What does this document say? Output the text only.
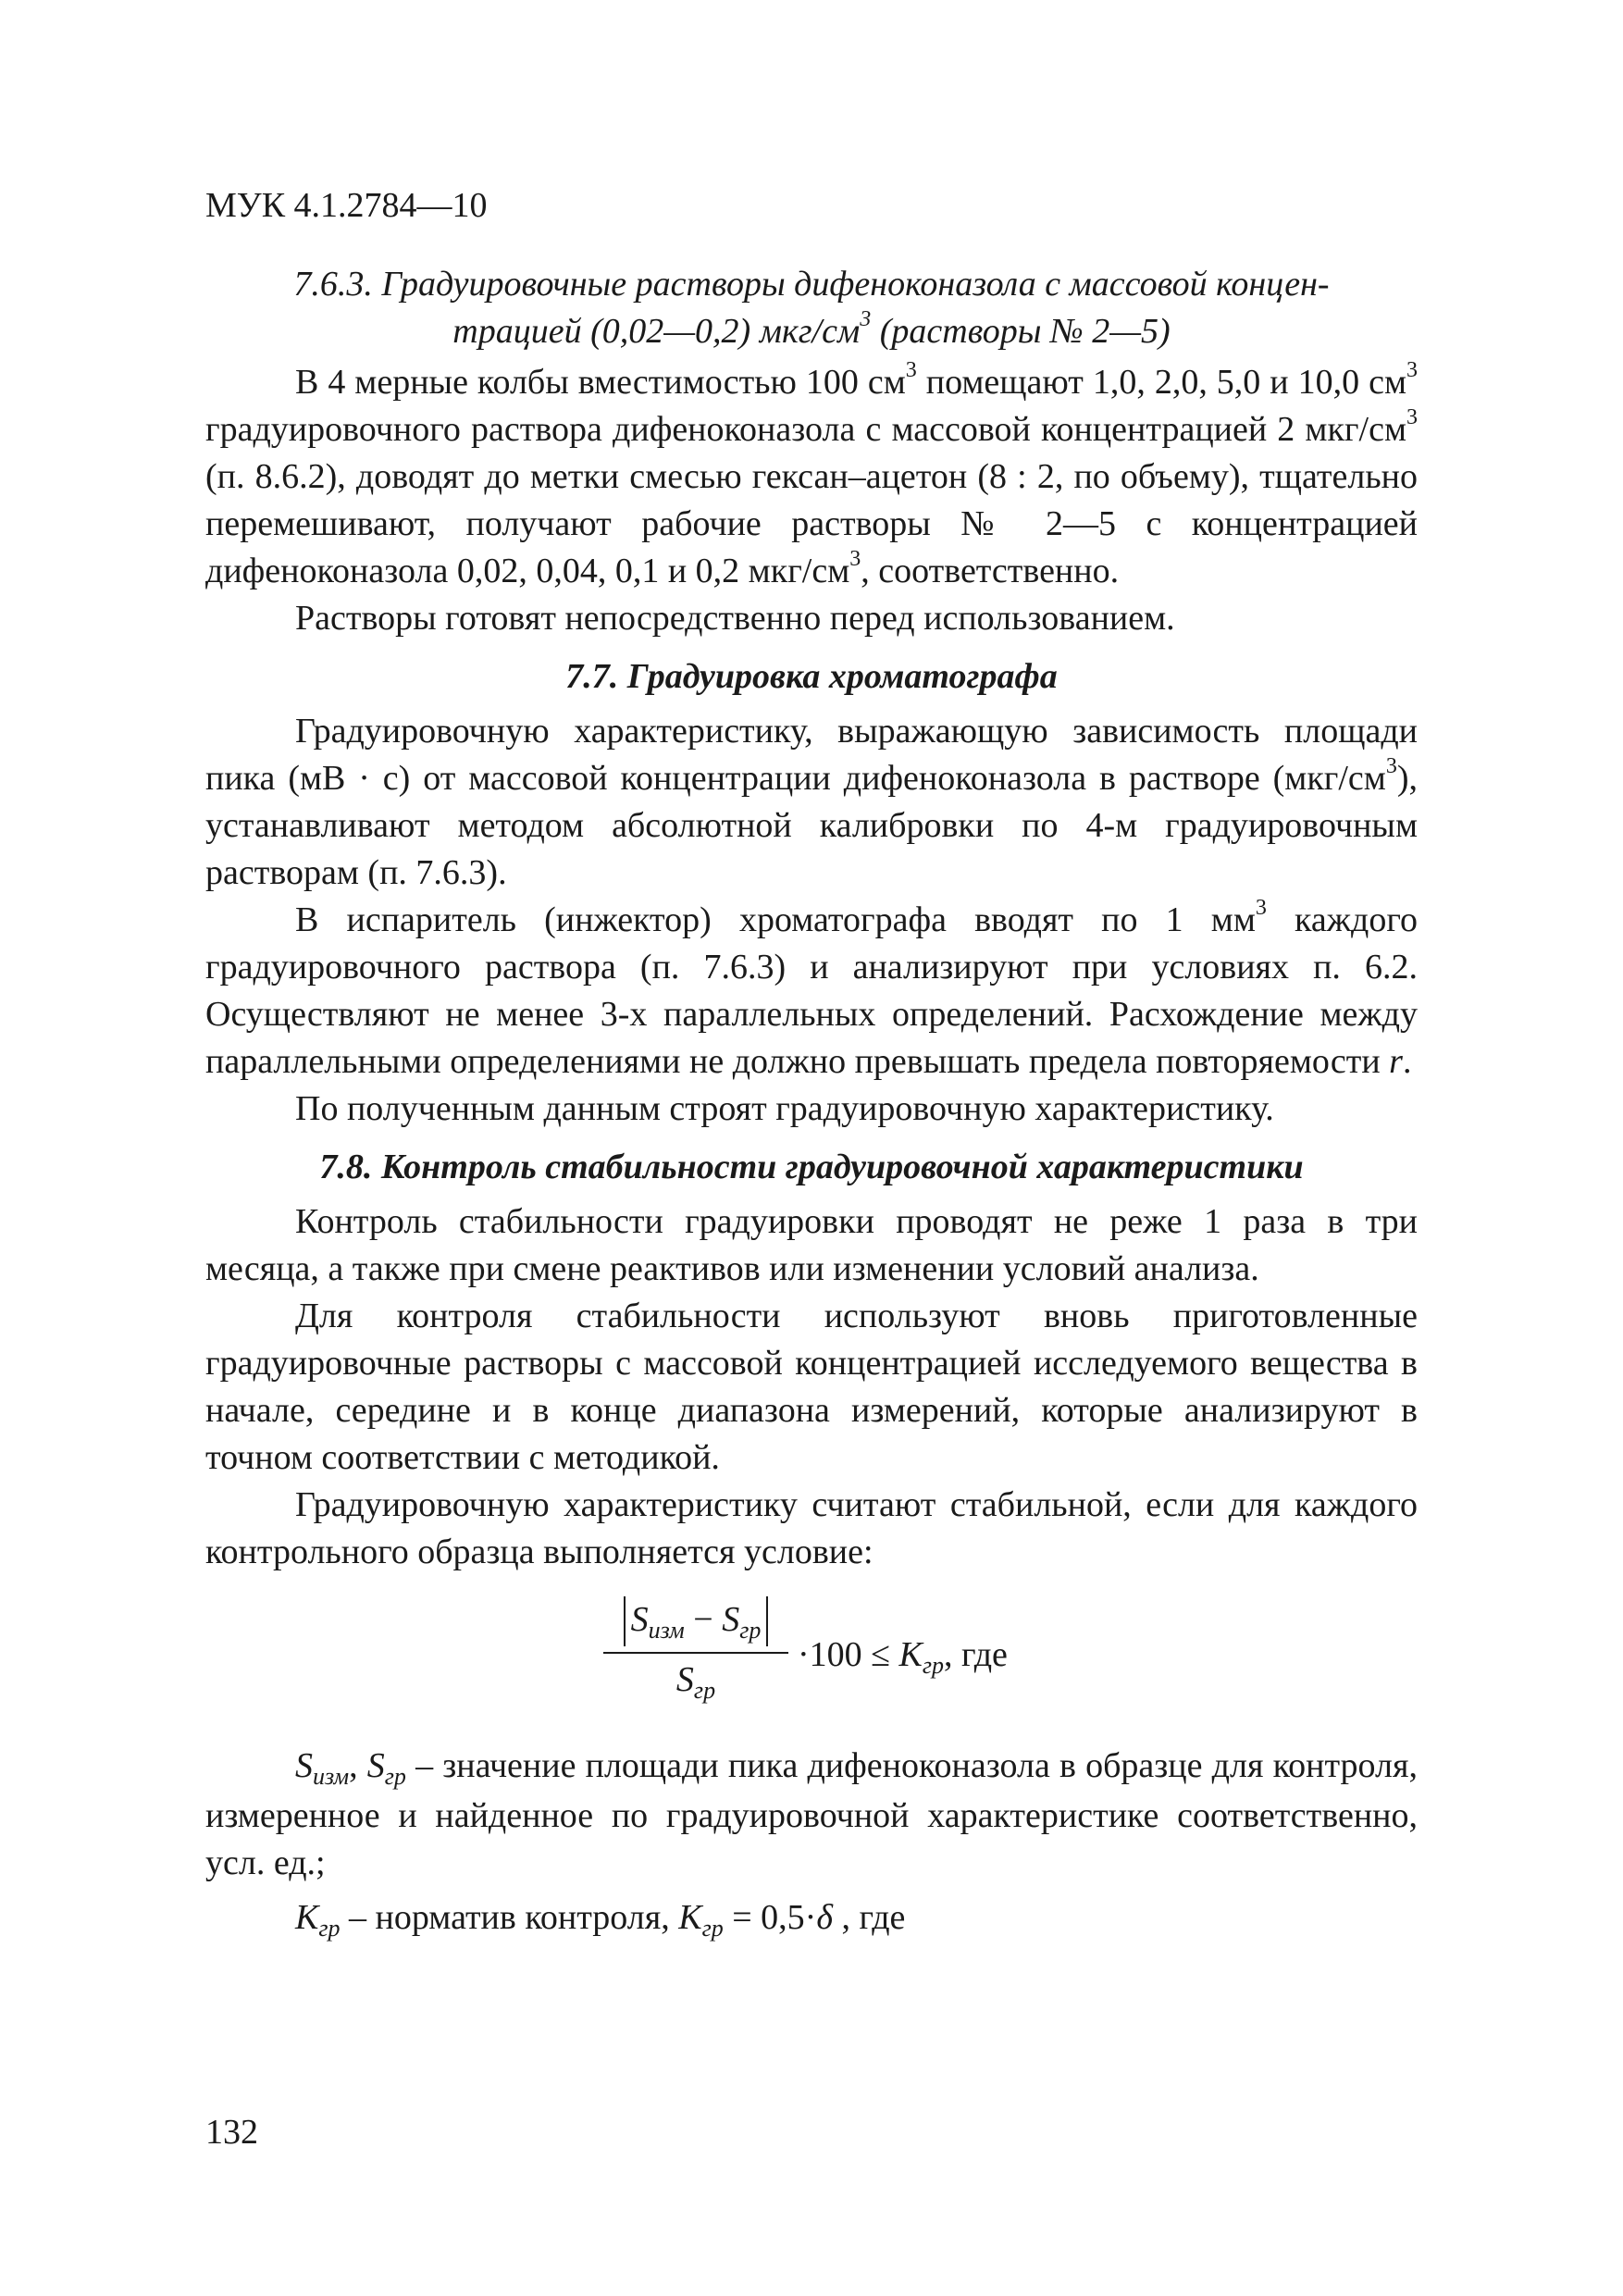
МУК 4.1.2784—10
7.6.3. Градуировочные растворы дифеноконазола с массовой концен-
трацией (0,02—0,2) мкг/$см^3$ (растворы № 2—5)

В 4 мерные колбы вместимостью 100 $см^3$ помещают 1,0, 2,0, 5,0 и 10,0 $см^3$ градуировочного раствора дифеноконазола с массовой концентрацией 2 мкг/$см^3$ (п. 8.6.2), доводят до метки смесью гексан–ацетон (8 : 2, по объему), тщательно перемешивают, получают рабочие растворы № 2—5 с концентрацией дифеноконазола 0,02, 0,04, 0,1 и 0,2 мкг/$см^3$, соответственно.

Растворы готовят непосредственно перед использованием.

7.7. Градуировка хроматографа

Градуировочную характеристику, выражающую зависимость площади пика (мВ · с) от массовой концентрации дифеноконазола в растворе $(мкг/см^3)$, устанавливают методом абсолютной калибровки по 4-м градуировочным растворам (п. 7.6.3).

В испаритель (инжектор) хроматографа вводят по 1 $мм^3$ каждого градуировочного раствора (п. 7.6.3) и анализируют при условиях п. 6.2. Осуществляют не менее 3-х параллельных определений. Расхождение между параллельными определениями не должно превышать предела повторяемости r.

По полученным данным строят градуировочную характеристику.

7.8. Контроль стабильности градуировочной характеристики

Контроль стабильности градуировки проводят не реже 1 раза в три месяца, а также при смене реактивов или изменении условий анализа.

Для контроля стабильности используют вновь приготовленные градуировочные растворы с массовой концентрацией исследуемого вещества в начале, середине и в конце диапазона измерений, которые анализируют в точном соответствии с методикой.

Градуировочную характеристику считают стабильной, если для каждого контрольного образца выполняется условие:

$S_{изм} - S_{гр}$
$S_{гр}$
$\cdot 100 \le K_{гр}$, где

$S_{изм}$, $S_{гр}$ – значение площади пика дифеноконазола в образце для контроля, измеренное и найденное по градуировочной характеристике соответственно, усл. ед.;

$K_{гр}$ – норматив контроля, $K_{гр} = 0,5\cdot\delta$ , где

132
